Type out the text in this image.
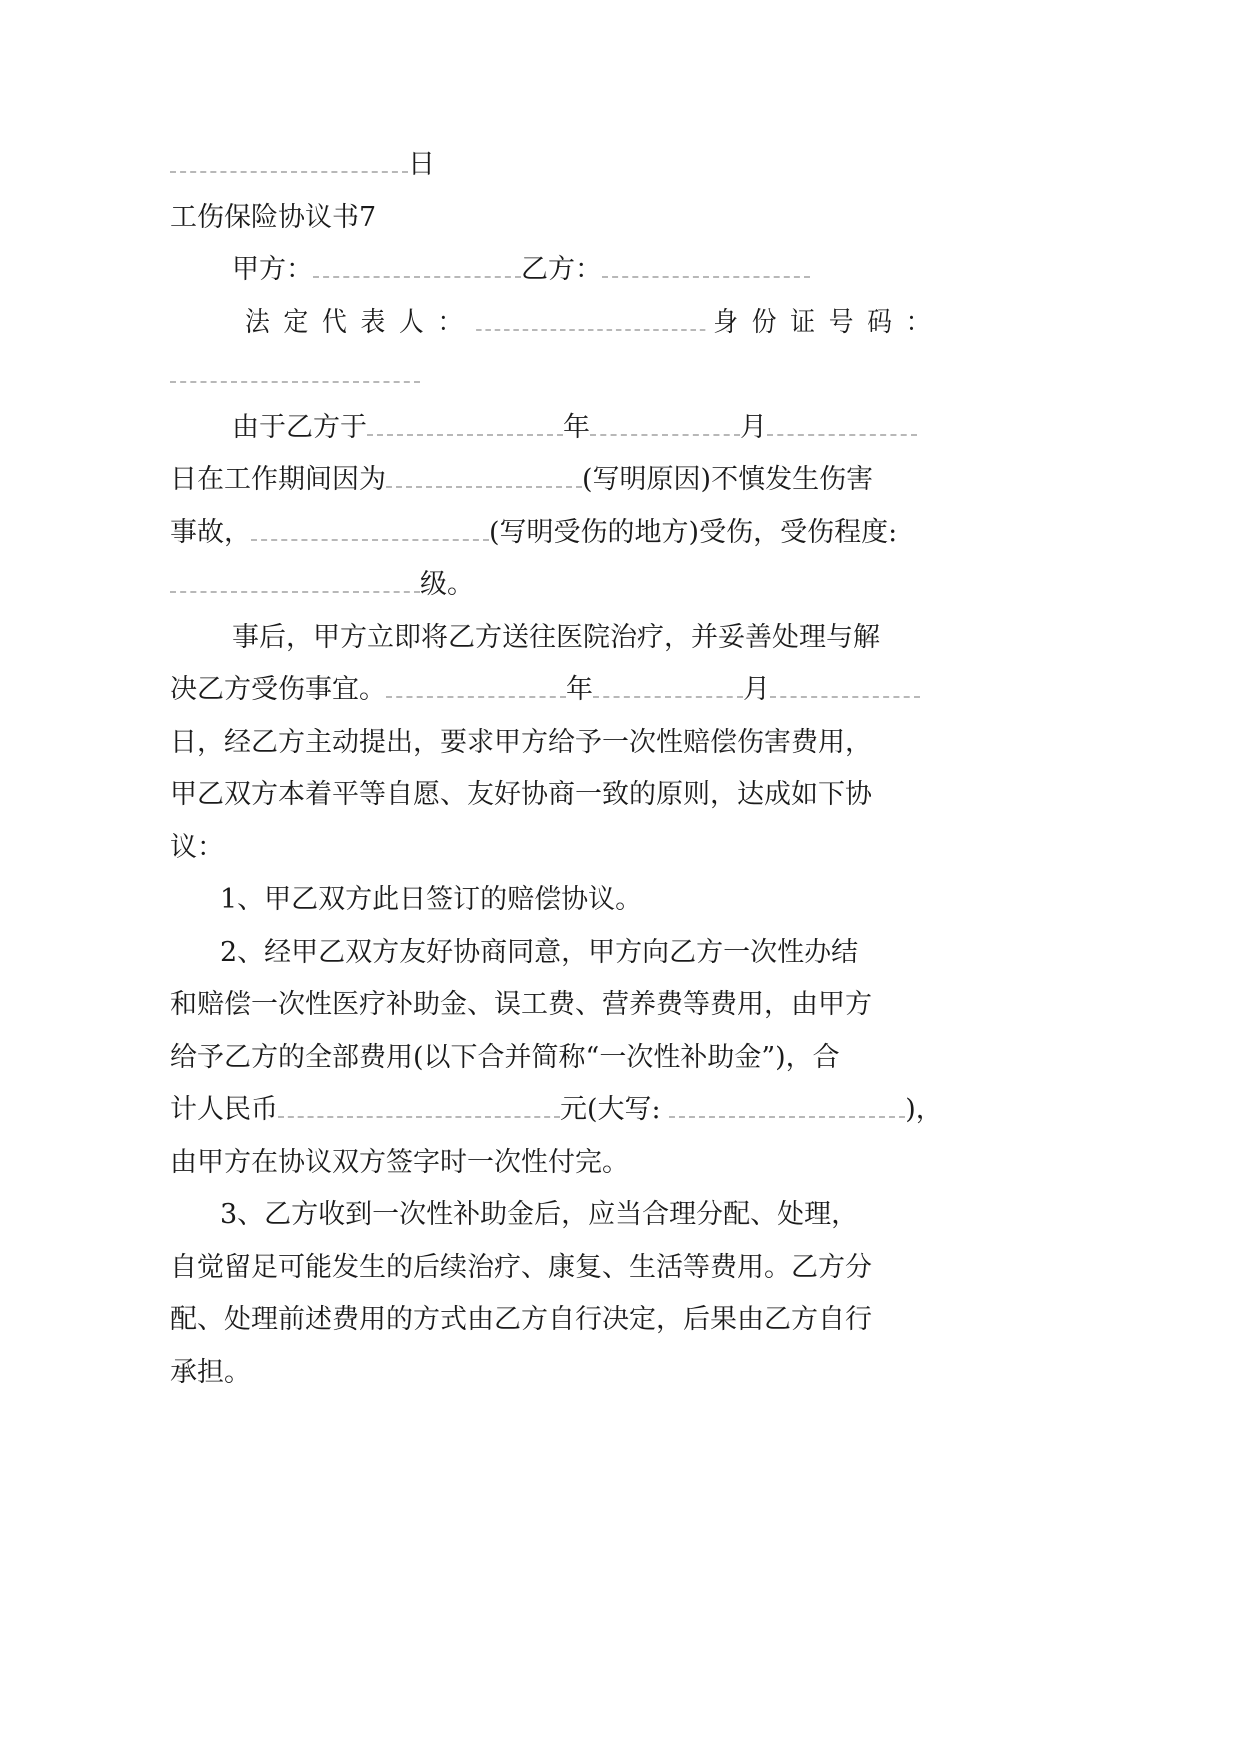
日
工伤保险协议书7
甲方：	乙方：
法定代表人：	身份证号码：
由于乙方于	年	月
日在工作期间因为	(写明原因)不慎发生伤害
事故，	(写明受伤的地方)受伤，受伤程度:
级。
事后，甲方立即将乙方送往医院治疗，并妥善处理与解
决乙方受伤事宜。	年	月
日，经乙方主动提出，要求甲方给予一次性赔偿伤害费用，
甲乙双方本着平等自愿、友好协商一致的原则，达成如下协
议：
1、甲乙双方此日签订的赔偿协议。
2、经甲乙双方友好协商同意，甲方向乙方一次性办结
和赔偿一次性医疗补助金、误工费、营养费等费用，由甲方
给予乙方的全部费用(以下合并简称“一次性补助金”)，合
计人民币	元(大写:	)，
由甲方在协议双方签字时一次性付完。
3、乙方收到一次性补助金后，应当合理分配、处理，
自觉留足可能发生的后续治疗、康复、生活等费用。乙方分
配、处理前述费用的方式由乙方自行决定，后果由乙方自行
承担。
